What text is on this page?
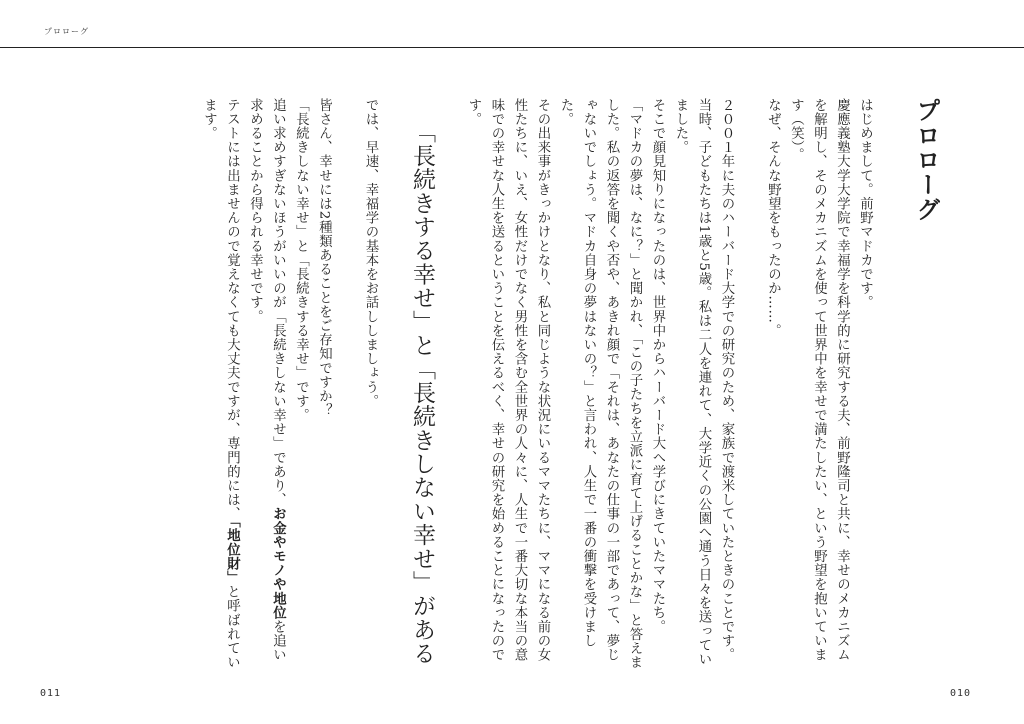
プロローグ

プロローグ

はじめまして。前野マドカです。

慶應義塾大学大学院で幸福学を科学的に研究する夫、前野隆司と共に、幸せのメカニズムを解明し、そのメカニズムを使って世界中を幸せで満たしたい、という野望を抱いています（笑）。

なぜ、そんな野望をもったのか……。

２００１年に夫のハーバード大学での研究のため、家族で渡米していたときのことです。当時、子どもたちは1歳と5歳。私は二人を連れて、大学近くの公園へ通う日々を送っていました。

そこで顔見知りになったのは、世界中からハーバード大へ学びにきていたママたち。

「マドカの夢は、なに？」と聞かれ、「この子たちを立派に育て上げることかな」と答えました。私の返答を聞くや否や、あきれ顔で「それは、あなたの仕事の一部であって、夢じゃないでしょう。マドカ自身の夢はないの？」と言われ、人生で一番の衝撃を受けました。

その出来事がきっかけとなり、私と同じような状況にいるママたちに、ママになる前の女性たちに、いえ、女性だけでなく男性を含む全世界の人々に、人生で一番大切な本当の意味での幸せな人生を送るということを伝えるべく、幸せの研究を始めることになったのです。

「長続きする幸せ」と「長続きしない幸せ」がある

では、早速、幸福学の基本をお話ししましょう。

皆さん、幸せには2種類あることをご存知ですか？

「長続きしない幸せ」と「長続きする幸せ」です。

追い求めすぎないほうがいいのが「長続きしない幸せ」であり、お金やモノや地位を追い求めることから得られる幸せです。

テストには出ませんので覚えなくても大丈夫ですが、専門的には、「地位財」と呼ばれています。

011	010
